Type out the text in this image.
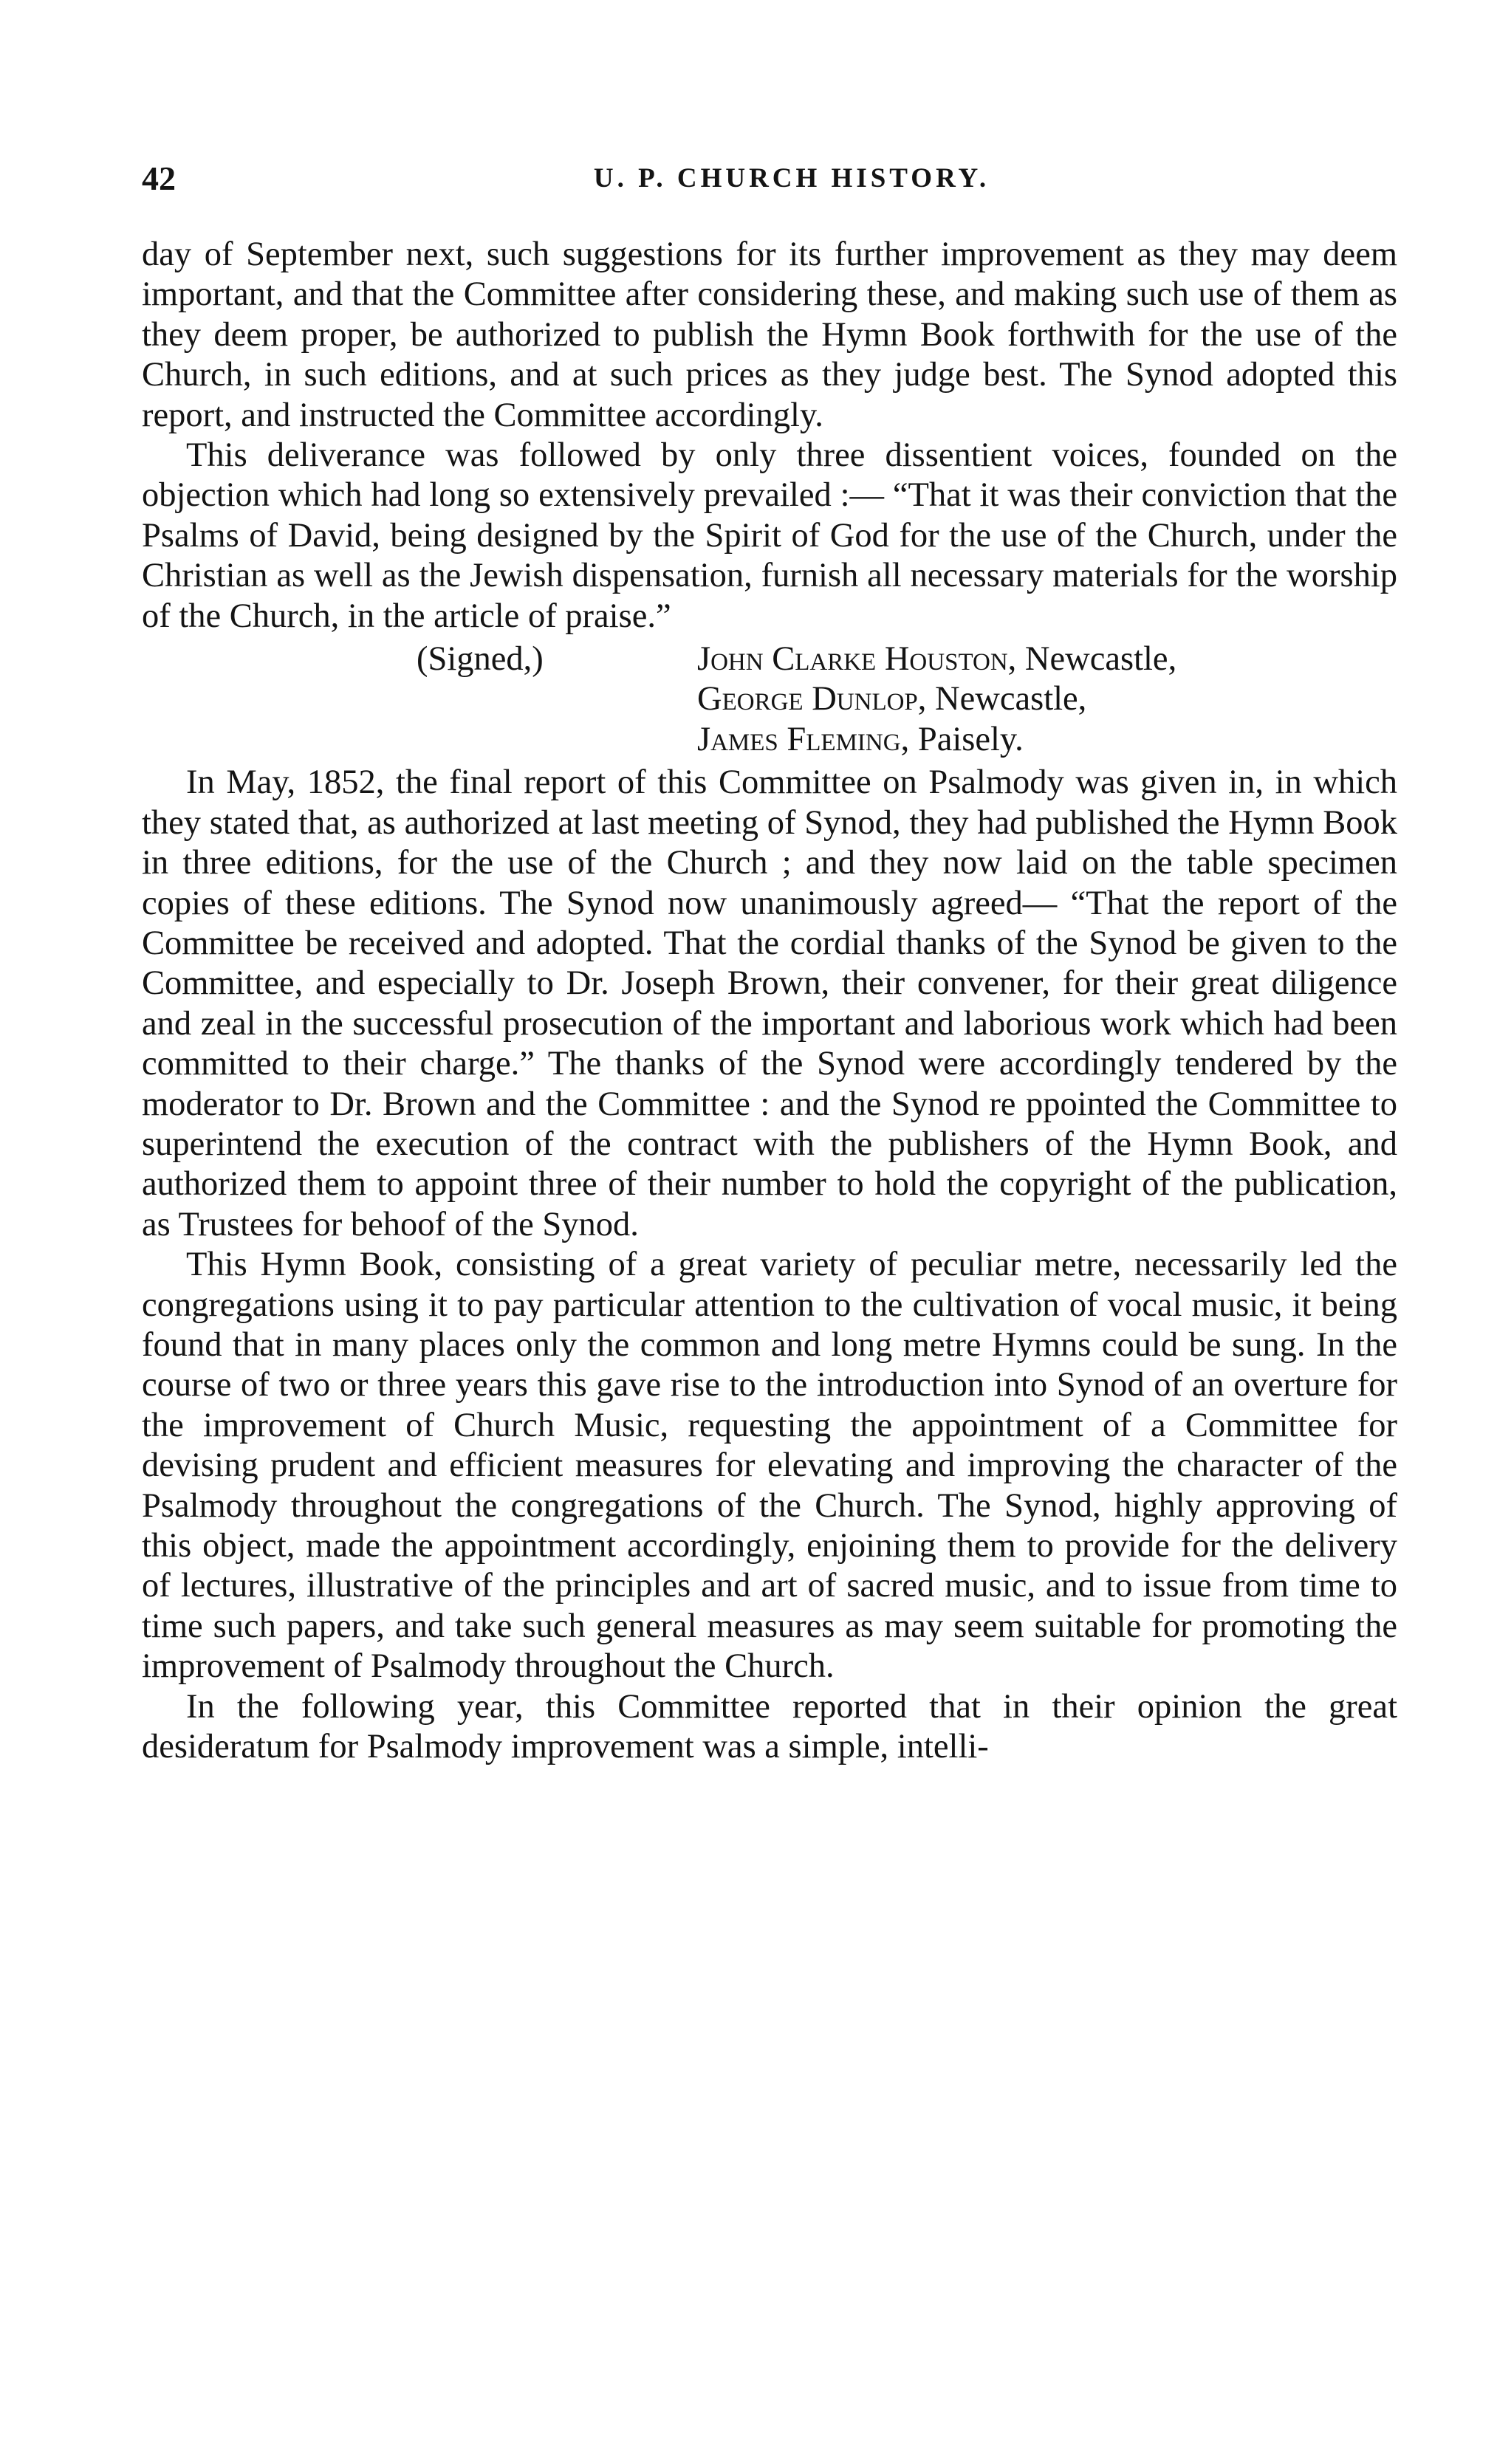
42	U. P. CHURCH HISTORY.

day of September next, such suggestions for its further improvement as they may deem important, and that the Committee after considering these, and making such use of them as they deem proper, be authorized to publish the Hymn Book forthwith for the use of the Church, in such editions, and at such prices as they judge best. The Synod adopted this report, and instructed the Committee accordingly.

This deliverance was followed by only three dissentient voices, founded on the objection which had long so extensively prevailed :— “That it was their conviction that the Psalms of David, being designed by the Spirit of God for the use of the Church, under the Christian as well as the Jewish dispensation, furnish all necessary materials for the worship of the Church, in the article of praise.”

(Signed,)	John Clarke Houston, Newcastle,
George Dunlop, Newcastle,
James Fleming, Paisely.

In May, 1852, the final report of this Committee on Psalmody was given in, in which they stated that, as authorized at last meeting of Synod, they had published the Hymn Book in three editions, for the use of the Church ; and they now laid on the table specimen copies of these editions. The Synod now unanimously agreed— “That the report of the Committee be received and adopted. That the cordial thanks of the Synod be given to the Committee, and especially to Dr. Joseph Brown, their convener, for their great diligence and zeal in the successful prosecution of the important and laborious work which had been committed to their charge.” The thanks of the Synod were accordingly tendered by the moderator to Dr. Brown and the Committee : and the Synod re ppointed the Committee to superintend the execution of the contract with the publishers of the Hymn Book, and authorized them to appoint three of their number to hold the copyright of the publication, as Trustees for behoof of the Synod.

This Hymn Book, consisting of a great variety of peculiar metre, necessarily led the congregations using it to pay particular attention to the cultivation of vocal music, it being found that in many places only the common and long metre Hymns could be sung. In the course of two or three years this gave rise to the introduction into Synod of an overture for the improvement of Church Music, requesting the appointment of a Committee for devising prudent and efficient measures for elevating and improving the character of the Psalmody throughout the congregations of the Church. The Synod, highly approving of this object, made the appointment accordingly, enjoining them to provide for the delivery of lectures, illustrative of the principles and art of sacred music, and to issue from time to time such papers, and take such general measures as may seem suitable for promoting the improvement of Psalmody throughout the Church.

In the following year, this Committee reported that in their opinion the great desideratum for Psalmody improvement was a simple, intelli-
